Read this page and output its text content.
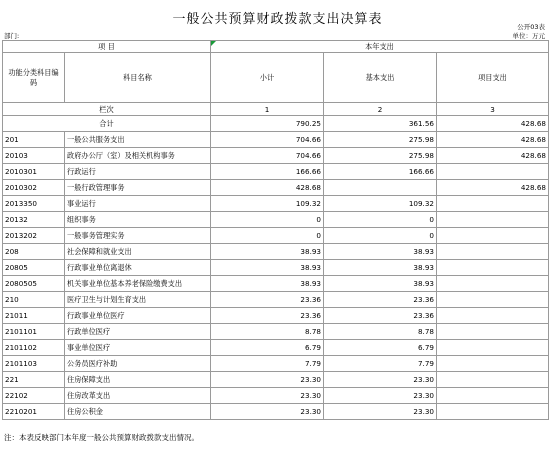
一般公共预算财政拨款支出决算表	公开03表
部门:	单位：万元
项 目		本年支出		
功能分类科目编码	科目名称	小计	基本支出	项目支出
栏次		1	2	3
合计		790.25	361.56	428.68
201	一般公共服务支出	704.66	275.98	428.68
20103	政府办公厅（室）及相关机构事务	704.66	275.98	428.68
2010301	行政运行	166.66	166.66	
2010302	一般行政管理事务	428.68		428.68
2013350	事业运行	109.32	109.32	
20132	组织事务	0	0	
2013202	一般事务管理实务	0	0	
208	社会保障和就业支出	38.93	38.93	
20805	行政事业单位离退休	38.93	38.93	
2080505	机关事业单位基本养老保险缴费支出	38.93	38.93	
210	医疗卫生与计划生育支出	23.36	23.36	
21011	行政事业单位医疗	23.36	23.36	
2101101	行政单位医疗	8.78	8.78	
2101102	事业单位医疗	6.79	6.79	
2101103	公务员医疗补助	7.79	7.79	
221	住房保障支出	23.30	23.30	
22102	住房改革支出	23.30	23.30	
2210201	住房公积金	23.30	23.30	
注：本表反映部门本年度一般公共预算财政拨款支出情况。
